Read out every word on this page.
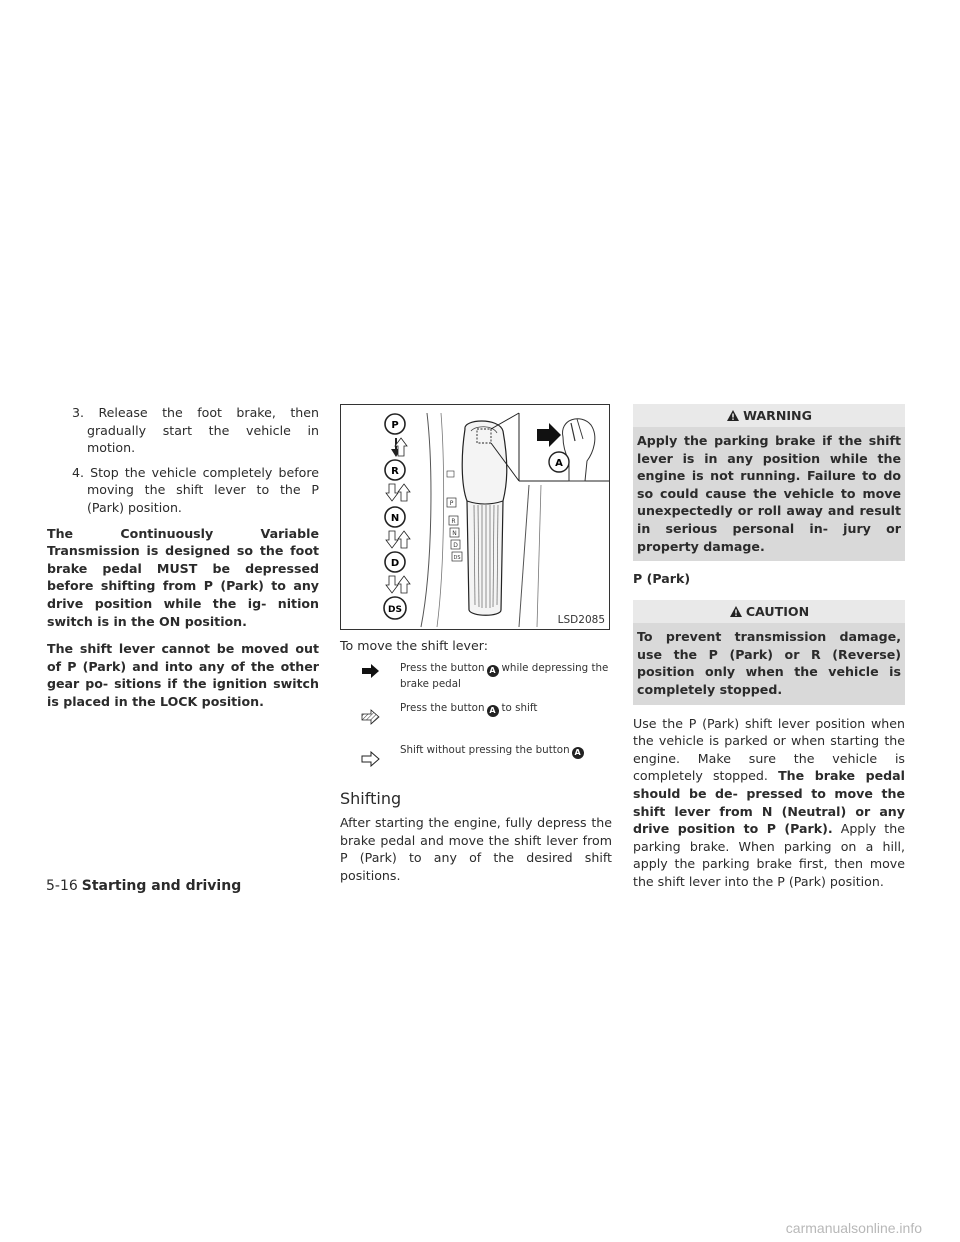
3. Release the foot brake, then gradually start the vehicle in motion.
4. Stop the vehicle completely before moving the shift lever to the P (Park) position.

The Continuously Variable Transmission is designed so the foot brake pedal MUST be depressed before shifting from P (Park) to any drive position while the ig- nition switch is in the ON position.

The shift lever cannot be moved out of P (Park) and into any of the other gear po- sitions if the ignition switch is placed in the LOCK position.

P
R
N
D
DS
P
R
N
D
DS
A
LSD2085

To move the shift lever:

Press the button A while depressing the brake pedal
Press the button A to shift
Shift without pressing the button A
Shifting

After starting the engine, fully depress the brake pedal and move the shift lever from P (Park) to any of the desired shift positions.

WARNING

Apply the parking brake if the shift lever is in any position while the engine is not running. Failure to do so could cause the vehicle to move unexpectedly or roll away and result in serious personal in- jury or property damage.

P (Park)

CAUTION

To prevent transmission damage, use the P (Park) or R (Reverse) position only when the vehicle is completely stopped.

Use the P (Park) shift lever position when the vehicle is parked or when starting the engine. Make sure the vehicle is completely stopped. The brake pedal should be de- pressed to move the shift lever from N (Neutral) or any drive position to P (Park). Apply the parking brake. When parking on a hill, apply the parking brake first, then move the shift lever into the P (Park) position.

5-16 Starting and driving
carmanualsonline.info
